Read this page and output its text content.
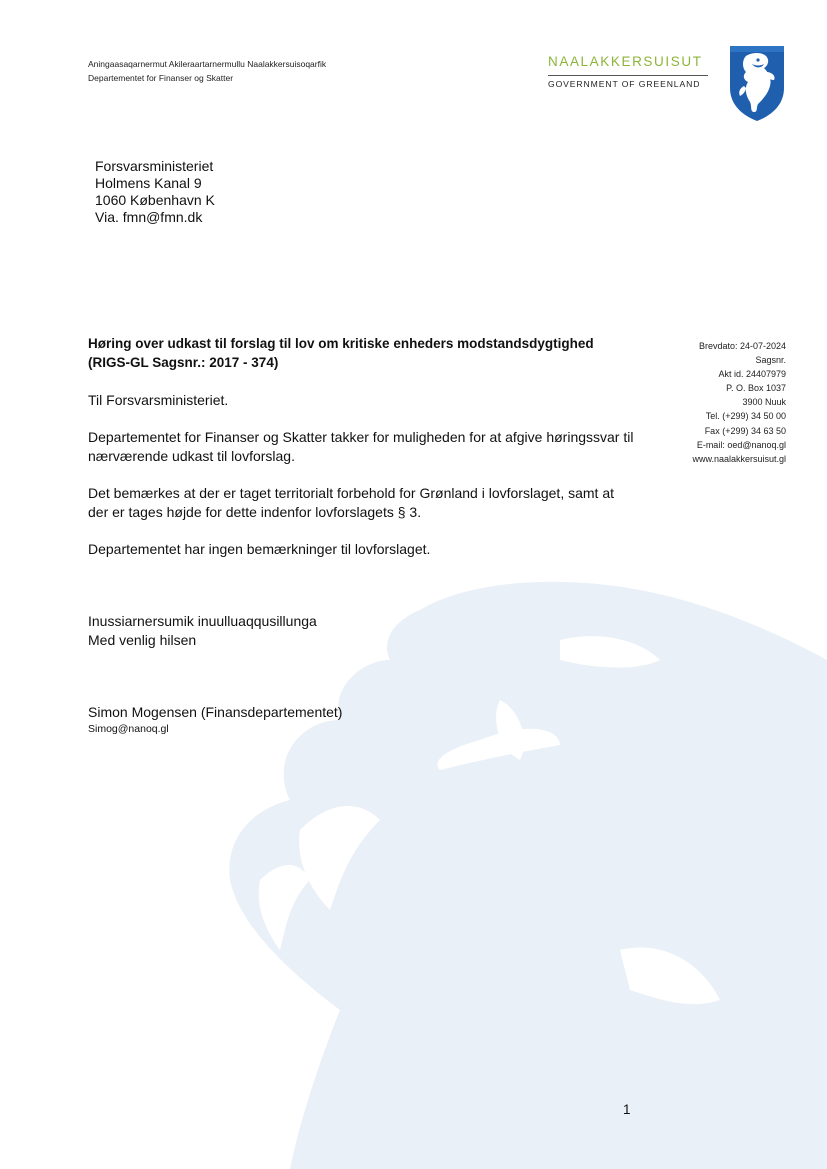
Aningaasaqarnermut Akileraartarnermullu Naalakkersuisoqarfik
Departementet for Finanser og Skatter
NAALAKKERSUISUT
GOVERNMENT OF GREENLAND
Forsvarsministeriet
Holmens Kanal 9
1060 København K
Via. fmn@fmn.dk
Høring over udkast til forslag til lov om kritiske enheders modstandsdygtighed
(RIGS-GL Sagsnr.: 2017 - 374)
Brevdato: 24-07-2024
Sagsnr.
Akt id. 24407979
P. O. Box 1037
3900 Nuuk
Tel. (+299) 34 50 00
Fax (+299) 34 63 50
E-mail: oed@nanoq.gl
www.naalakkersuisut.gl
Til Forsvarsministeriet.
Departementet for Finanser og Skatter takker for muligheden for at afgive høringssvar til
nærværende udkast til lovforslag.
Det bemærkes at der er taget territorialt forbehold for Grønland i lovforslaget, samt at
der er tages højde for dette indenfor lovforslagets § 3.
Departementet har ingen bemærkninger til lovforslaget.
Inussiarnersumik inuulluaqqusillunga
Med venlig hilsen
Simon Mogensen (Finansdepartementet)
Simog@nanoq.gl
1
